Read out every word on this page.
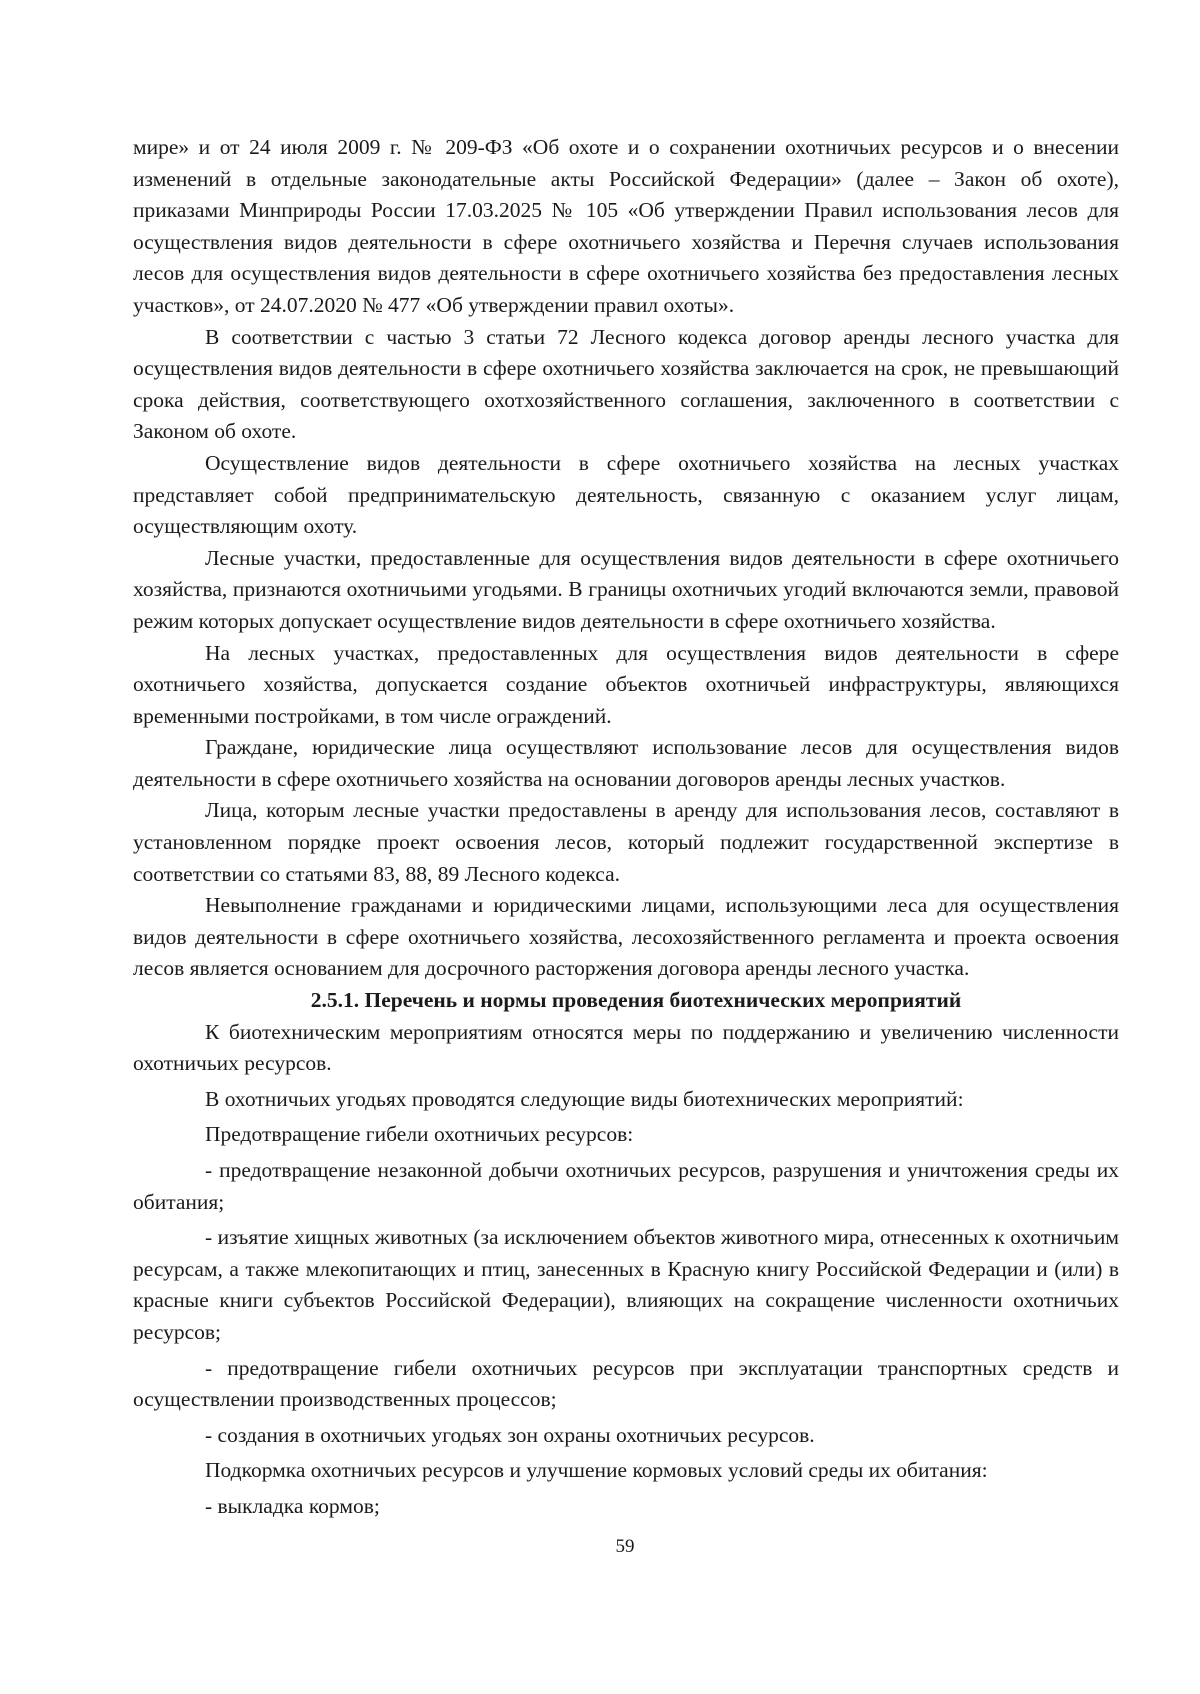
мире» и от 24 июля 2009 г. № 209-ФЗ «Об охоте и о сохранении охотничьих ресурсов и о внесении изменений в отдельные законодательные акты Российской Федерации» (далее – Закон об охоте), приказами Минприроды России 17.03.2025 № 105 «Об утверждении Правил использования лесов для осуществления видов деятельности в сфере охотничьего хозяйства и Перечня случаев использования лесов для осуществления видов деятельности в сфере охотничьего хозяйства без предоставления лесных участков», от 24.07.2020 № 477 «Об утверждении правил охоты».

В соответствии с частью 3 статьи 72 Лесного кодекса договор аренды лесного участка для осуществления видов деятельности в сфере охотничьего хозяйства заключается на срок, не превышающий срока действия, соответствующего охотхозяйственного соглашения, заключенного в соответствии с Законом об охоте.

Осуществление видов деятельности в сфере охотничьего хозяйства на лесных участках представляет собой предпринимательскую деятельность, связанную с оказанием услуг лицам, осуществляющим охоту.

Лесные участки, предоставленные для осуществления видов деятельности в сфере охотничьего хозяйства, признаются охотничьими угодьями. В границы охотничьих угодий включаются земли, правовой режим которых допускает осуществление видов деятельности в сфере охотничьего хозяйства.

На лесных участках, предоставленных для осуществления видов деятельности в сфере охотничьего хозяйства, допускается создание объектов охотничьей инфраструктуры, являющихся временными постройками, в том числе ограждений.

Граждане, юридические лица осуществляют использование лесов для осуществления видов деятельности в сфере охотничьего хозяйства на основании договоров аренды лесных участков.

Лица, которым лесные участки предоставлены в аренду для использования лесов, составляют в установленном порядке проект освоения лесов, который подлежит государственной экспертизе в соответствии со статьями 83, 88, 89 Лесного кодекса.

Невыполнение гражданами и юридическими лицами, использующими леса для осуществления видов деятельности в сфере охотничьего хозяйства, лесохозяйственного регламента и проекта освоения лесов является основанием для досрочного расторжения договора аренды лесного участка.

2.5.1. Перечень и нормы проведения биотехнических мероприятий

К биотехническим мероприятиям относятся меры по поддержанию и увеличению численности охотничьих ресурсов.

В охотничьих угодьях проводятся следующие виды биотехнических мероприятий:

Предотвращение гибели охотничьих ресурсов:

- предотвращение незаконной добычи охотничьих ресурсов, разрушения и уничтожения среды их обитания;

- изъятие хищных животных (за исключением объектов животного мира, отнесенных к охотничьим ресурсам, а также млекопитающих и птиц, занесенных в Красную книгу Российской Федерации и (или) в красные книги субъектов Российской Федерации), влияющих на сокращение численности охотничьих ресурсов;

- предотвращение гибели охотничьих ресурсов при эксплуатации транспортных средств и осуществлении производственных процессов;

- создания в охотничьих угодьях зон охраны охотничьих ресурсов.

Подкормка охотничьих ресурсов и улучшение кормовых условий среды их обитания:

- выкладка кормов;

59
